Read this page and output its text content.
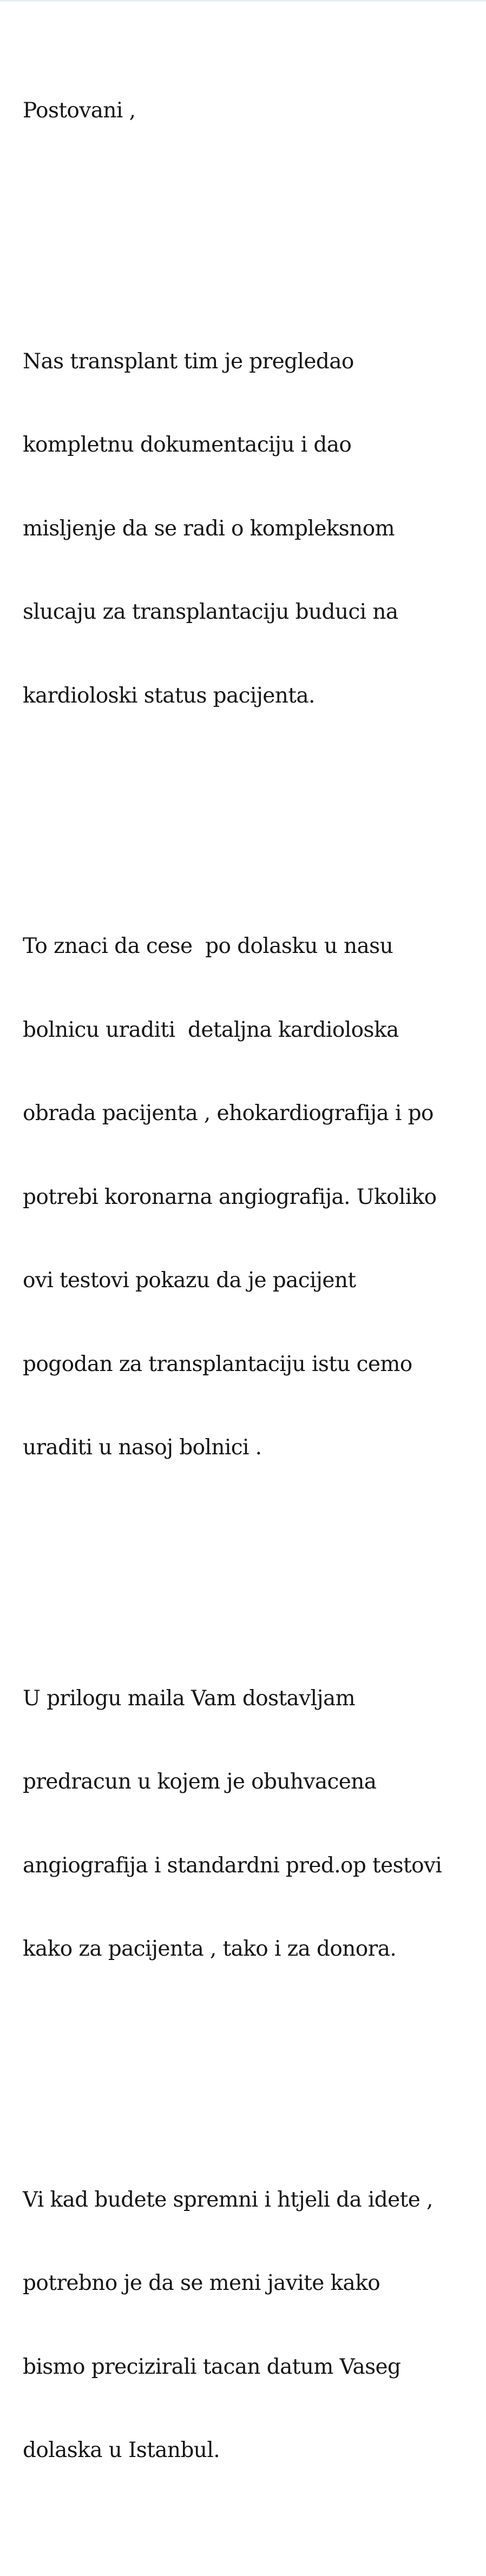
Postovani ,

Nas transplant tim je pregledao

kompletnu dokumentaciju i dao

misljenje da se radi o kompleksnom

slucaju za transplantaciju buduci na

kardioloski status pacijenta.

To znaci da cese  po dolasku u nasu

bolnicu uraditi  detaljna kardioloska

obrada pacijenta , ehokardiografija i po

potrebi koronarna angiografija. Ukoliko

ovi testovi pokazu da je pacijent

pogodan za transplantaciju istu cemo

uraditi u nasoj bolnici .

U prilogu maila Vam dostavljam

predracun u kojem je obuhvacena

angiografija i standardni pred.op testovi

kako za pacijenta , tako i za donora.

Vi kad budete spremni i htjeli da idete ,

potrebno je da se meni javite kako

bismo precizirali tacan datum Vaseg

dolaska u Istanbul.
